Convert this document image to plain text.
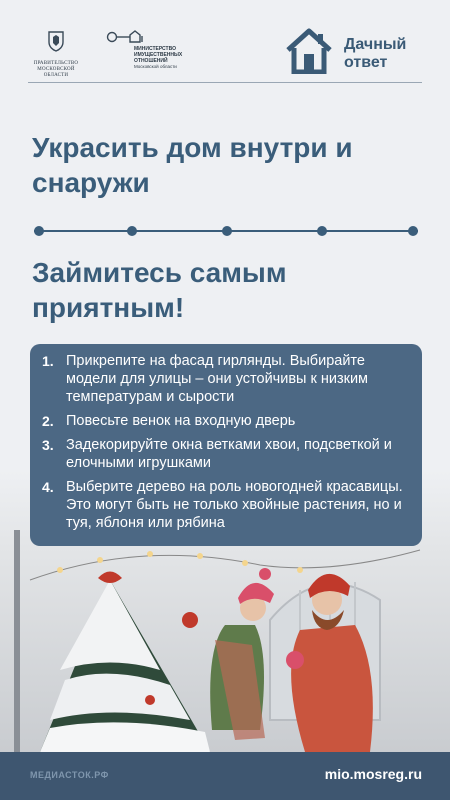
ПРАВИТЕЛЬСТВО МОСКОВСКОЙ ОБЛАСТИ
МИНИСТЕРСТВО ИМУЩЕСТВЕННЫХ ОТНОШЕНИЙ
Московской области
Дачный
ответ
Украсить дом внутри и снаружи
Займитесь самым приятным!
1. Прикрепите на фасад гирлянды. Выбирайте модели для улицы – они устойчивы к низким температурам и сырости
2. Повесьте венок на входную дверь
3. Задекорируйте окна ветками хвои, подсветкой и елочными игрушками
4. Выберите дерево на роль новогодней красавицы. Это могут быть не только хвойные растения, но и туя, яблоня или рябина
МЕДИАСТОК.РФ	mio.mosreg.ru
